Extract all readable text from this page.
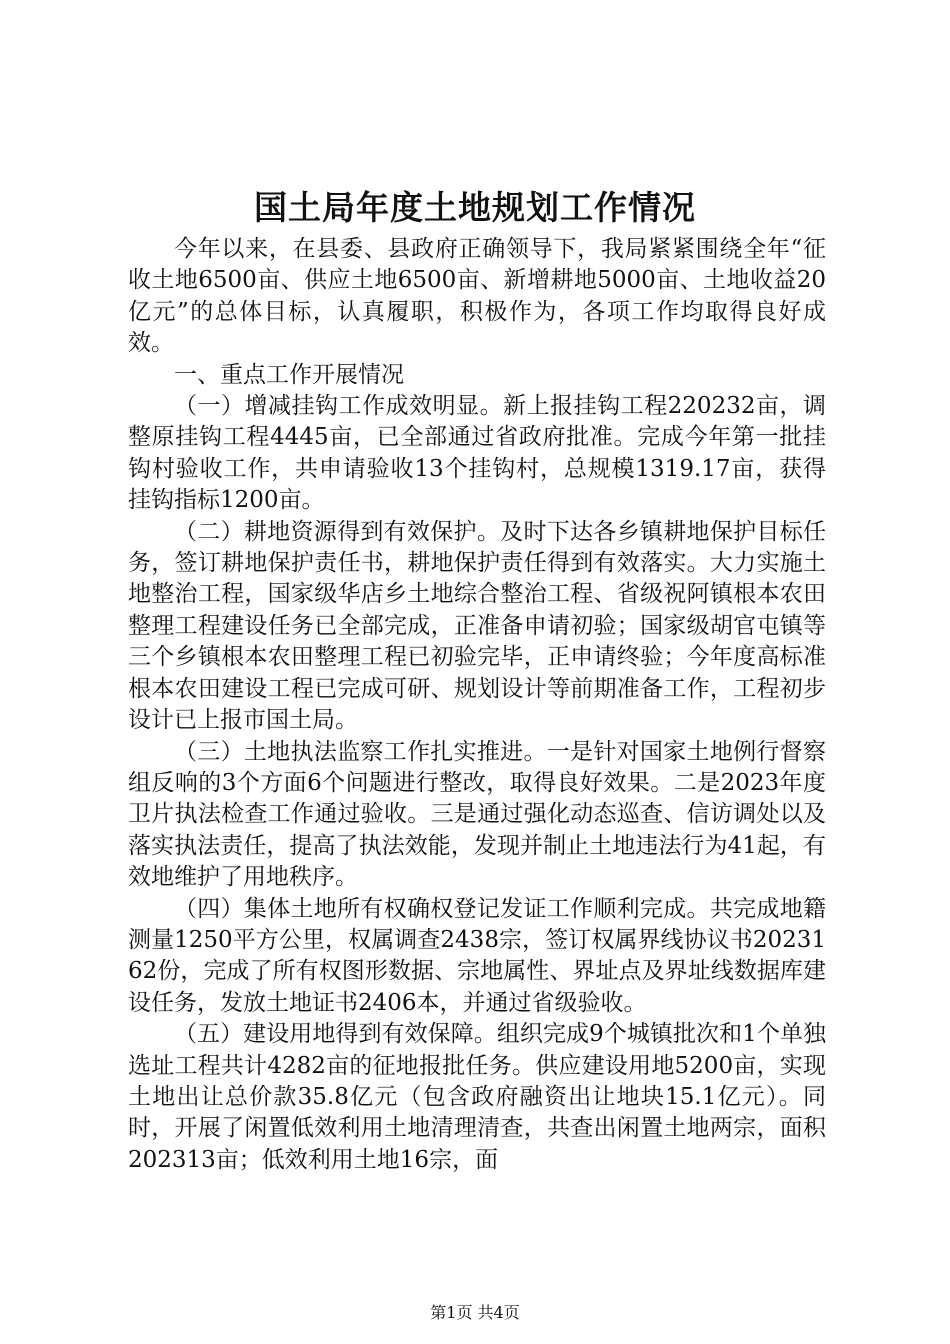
国土局年度土地规划工作情况

今年以来，在县委、县政府正确领导下，我局紧紧围绕全年“征收土地6500亩、供应土地6500亩、新增耕地5000亩、土地收益20亿元”的总体目标，认真履职，积极作为，各项工作均取得良好成效。

一、重点工作开展情况

（一）增减挂钩工作成效明显。新上报挂钩工程220232亩，调整原挂钩工程4445亩，已全部通过省政府批准。完成今年第一批挂钩村验收工作，共申请验收13个挂钩村，总规模1319.17亩，获得挂钩指标1200亩。

（二）耕地资源得到有效保护。及时下达各乡镇耕地保护目标任务，签订耕地保护责任书，耕地保护责任得到有效落实。大力实施土地整治工程，国家级华店乡土地综合整治工程、省级祝阿镇根本农田整理工程建设任务已全部完成，正准备申请初验；国家级胡官屯镇等三个乡镇根本农田整理工程已初验完毕，正申请终验；今年度高标准根本农田建设工程已完成可研、规划设计等前期准备工作，工程初步设计已上报市国土局。

（三）土地执法监察工作扎实推进。一是针对国家土地例行督察组反响的3个方面6个问题进行整改，取得良好效果。二是2023年度卫片执法检查工作通过验收。三是通过强化动态巡查、信访调处以及落实执法责任，提高了执法效能，发现并制止土地违法行为41起，有效地维护了用地秩序。

（四）集体土地所有权确权登记发证工作顺利完成。共完成地籍测量1250平方公里，权属调查2438宗，签订权属界线协议书2023162份，完成了所有权图形数据、宗地属性、界址点及界址线数据库建设任务，发放土地证书2406本，并通过省级验收。

（五）建设用地得到有效保障。组织完成9个城镇批次和1个单独选址工程共计4282亩的征地报批任务。供应建设用地5200亩，实现土地出让总价款35.8亿元（包含政府融资出让地块15.1亿元）。同时，开展了闲置低效利用土地清理清查，共查出闲置土地两宗，面积202313亩；低效利用土地16宗，面

第1页 共4页
